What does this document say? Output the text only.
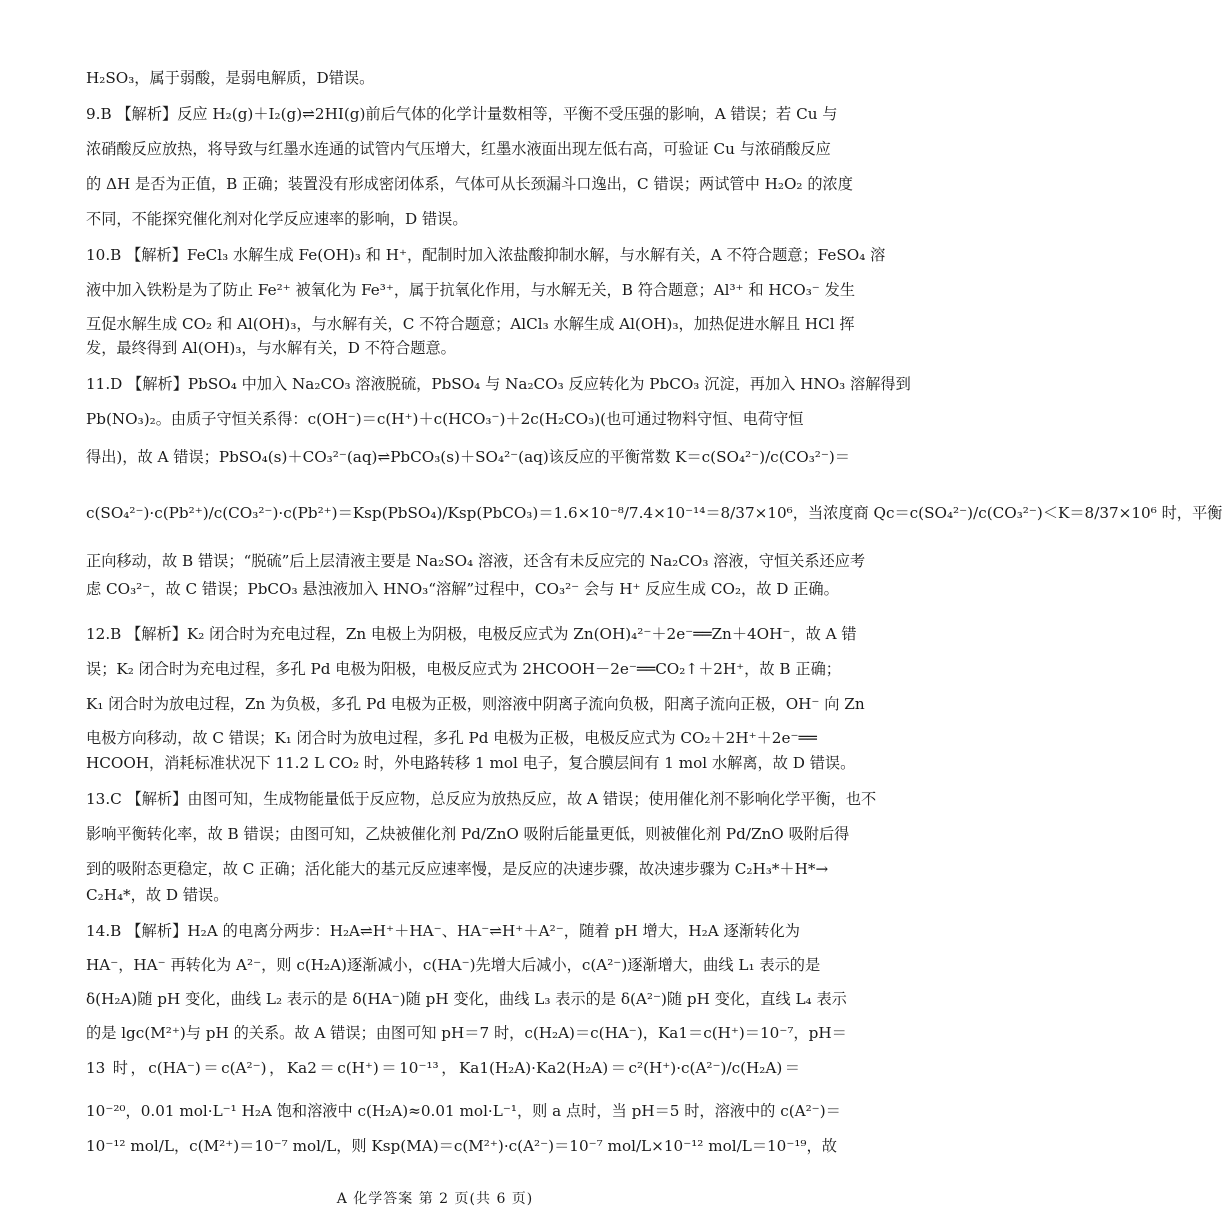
H₂SO₃，属于弱酸，是弱电解质，D错误。
9.B 【解析】反应 H₂(g)＋I₂(g)⇌2HI(g)前后气体的化学计量数相等，平衡不受压强的影响，A 错误；若 Cu 与
浓硝酸反应放热，将导致与红墨水连通的试管内气压增大，红墨水液面出现左低右高，可验证 Cu 与浓硝酸反应
的 ΔH 是否为正值，B 正确；装置没有形成密闭体系，气体可从长颈漏斗口逸出，C 错误；两试管中 H₂O₂ 的浓度
不同，不能探究催化剂对化学反应速率的影响，D 错误。
10.B 【解析】FeCl₃ 水解生成 Fe(OH)₃ 和 H⁺，配制时加入浓盐酸抑制水解，与水解有关，A 不符合题意；FeSO₄ 溶
液中加入铁粉是为了防止 Fe²⁺ 被氧化为 Fe³⁺，属于抗氧化作用，与水解无关，B 符合题意；Al³⁺ 和 HCO₃⁻ 发生
互促水解生成 CO₂ 和 Al(OH)₃，与水解有关，C 不符合题意；AlCl₃ 水解生成 Al(OH)₃，加热促进水解且 HCl 挥
发，最终得到 Al(OH)₃，与水解有关，D 不符合题意。
11.D 【解析】PbSO₄ 中加入 Na₂CO₃ 溶液脱硫，PbSO₄ 与 Na₂CO₃ 反应转化为 PbCO₃ 沉淀，再加入 HNO₃ 溶解得到
Pb(NO₃)₂。由质子守恒关系得：c(OH⁻)＝c(H⁺)＋c(HCO₃⁻)＋2c(H₂CO₃)(也可通过物料守恒、电荷守恒
得出)，故 A 错误；PbSO₄(s)＋CO₃²⁻(aq)⇌PbCO₃(s)＋SO₄²⁻(aq)该反应的平衡常数 K＝c(SO₄²⁻)/c(CO₃²⁻)＝
c(SO₄²⁻)·c(Pb²⁺)/c(CO₃²⁻)·c(Pb²⁺)＝Ksp(PbSO₄)/Ksp(PbCO₃)＝1.6×10⁻⁸/7.4×10⁻¹⁴＝8/37×10⁶，当浓度商 Qc＝c(SO₄²⁻)/c(CO₃²⁻)＜K＝8/37×10⁶ 时，平衡
正向移动，故 B 错误；“脱硫”后上层清液主要是 Na₂SO₄ 溶液，还含有未反应完的 Na₂CO₃ 溶液，守恒关系还应考
虑 CO₃²⁻，故 C 错误；PbCO₃ 悬浊液加入 HNO₃“溶解”过程中，CO₃²⁻ 会与 H⁺ 反应生成 CO₂，故 D 正确。
12.B 【解析】K₂ 闭合时为充电过程，Zn 电极上为阴极，电极反应式为 Zn(OH)₄²⁻＋2e⁻══Zn＋4OH⁻，故 A 错
误；K₂ 闭合时为充电过程，多孔 Pd 电极为阳极，电极反应式为 2HCOOH－2e⁻══CO₂↑＋2H⁺，故 B 正确；
K₁ 闭合时为放电过程，Zn 为负极，多孔 Pd 电极为正极，则溶液中阴离子流向负极，阳离子流向正极，OH⁻ 向 Zn
电极方向移动，故 C 错误；K₁ 闭合时为放电过程，多孔 Pd 电极为正极，电极反应式为 CO₂＋2H⁺＋2e⁻══
HCOOH，消耗标准状况下 11.2 L CO₂ 时，外电路转移 1 mol 电子，复合膜层间有 1 mol 水解离，故 D 错误。
13.C 【解析】由图可知，生成物能量低于反应物，总反应为放热反应，故 A 错误；使用催化剂不影响化学平衡，也不
影响平衡转化率，故 B 错误；由图可知，乙炔被催化剂 Pd/ZnO 吸附后能量更低，则被催化剂 Pd/ZnO 吸附后得
到的吸附态更稳定，故 C 正确；活化能大的基元反应速率慢，是反应的决速步骤，故决速步骤为 C₂H₃*＋H*→
C₂H₄*，故 D 错误。
14.B 【解析】H₂A 的电离分两步：H₂A⇌H⁺＋HA⁻、HA⁻⇌H⁺＋A²⁻，随着 pH 增大，H₂A 逐渐转化为
HA⁻，HA⁻ 再转化为 A²⁻，则 c(H₂A)逐渐减小，c(HA⁻)先增大后减小，c(A²⁻)逐渐增大，曲线 L₁ 表示的是
δ(H₂A)随 pH 变化，曲线 L₂ 表示的是 δ(HA⁻)随 pH 变化，曲线 L₃ 表示的是 δ(A²⁻)随 pH 变化，直线 L₄ 表示
的是 lgc(M²⁺)与 pH 的关系。故 A 错误；由图可知 pH＝7 时，c(H₂A)＝c(HA⁻)，Ka1＝c(H⁺)＝10⁻⁷，pH＝
13 时，c(HA⁻)＝c(A²⁻)，Ka2＝c(H⁺)＝10⁻¹³，Ka1(H₂A)·Ka2(H₂A)＝c²(H⁺)·c(A²⁻)/c(H₂A)＝
10⁻²⁰，0.01 mol·L⁻¹ H₂A 饱和溶液中 c(H₂A)≈0.01 mol·L⁻¹，则 a 点时，当 pH＝5 时，溶液中的 c(A²⁻)＝
10⁻¹² mol/L，c(M²⁺)＝10⁻⁷ mol/L，则 Ksp(MA)＝c(M²⁺)·c(A²⁻)＝10⁻⁷ mol/L×10⁻¹² mol/L＝10⁻¹⁹，故
A 化学答案 第 2 页(共 6 页)
